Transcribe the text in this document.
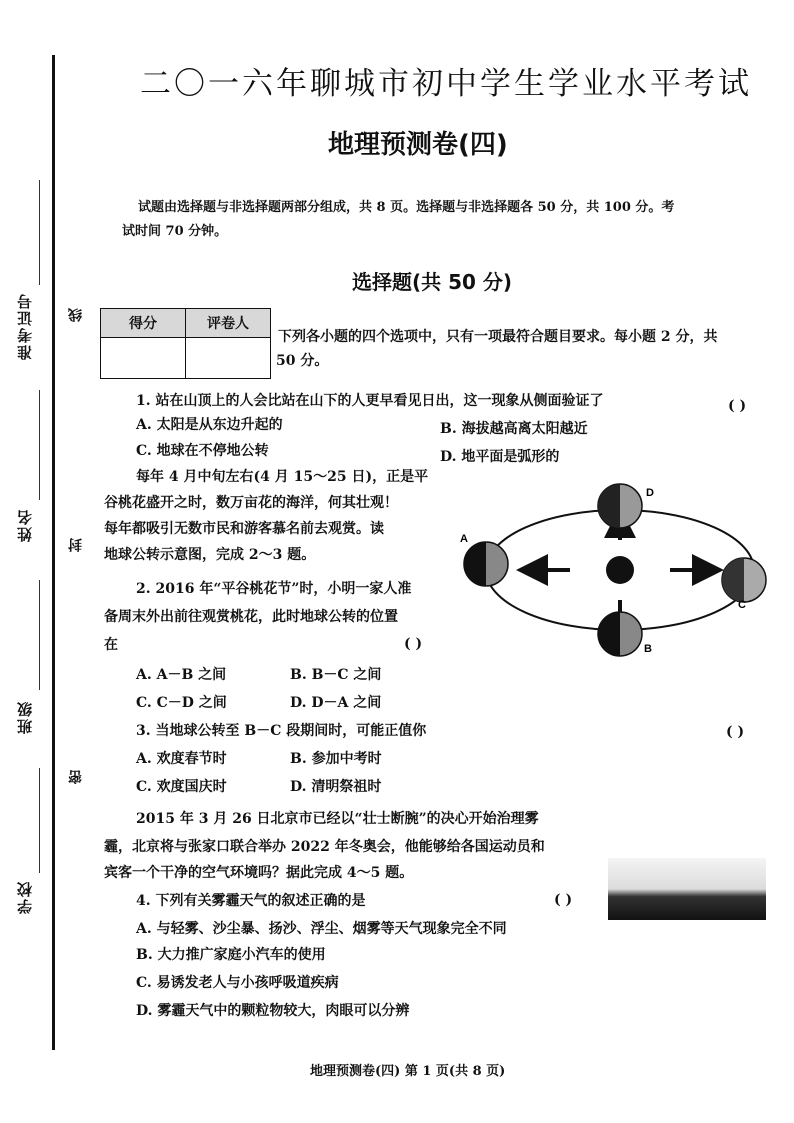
准考证号
姓名
班级
学校
线
封
密
二〇一六年聊城市初中学生学业水平考试
地理预测卷(四)
试题由选择题与非选择题两部分组成，共 8 页。选择题与非选择题各 50 分，共 100 分。考
试时间 70 分钟。
选择题(共 50 分)
得分	评卷人

下列各小题的四个选项中，只有一项最符合题目要求。每小题 2 分，共
50 分。
1. 站在山顶上的人会比站在山下的人更早看见日出，这一现象从侧面验证了	( )
A. 太阳是从东边升起的	B. 海拔越高离太阳越近
C. 地球在不停地公转	D. 地平面是弧形的
每年 4 月中旬左右(4 月 15～25 日)，正是平
谷桃花盛开之时，数万亩花的海洋，何其壮观！
每年都吸引无数市民和游客慕名前去观赏。读
地球公转示意图，完成 2～3 题。
2. 2016 年“平谷桃花节”时，小明一家人准
备周末外出前往观赏桃花，此时地球公转的位置
在	( )
A. A－B 之间	B. B－C 之间
C. C－D 之间	D. D－A 之间
3. 当地球公转至 B－C 段期间时，可能正值你	( )
A. 欢度春节时	B. 参加中考时
C. 欢度国庆时	D. 清明祭祖时
A
B
C
D
2015 年 3 月 26 日北京市已经以“壮士断腕”的决心开始治理雾
霾，北京将与张家口联合举办 2022 年冬奥会，他能够给各国运动员和
宾客一个干净的空气环境吗？据此完成 4～5 题。
4. 下列有关雾霾天气的叙述正确的是	( )
A. 与轻雾、沙尘暴、扬沙、浮尘、烟雾等天气现象完全不同
B. 大力推广家庭小汽车的使用
C. 易诱发老人与小孩呼吸道疾病
D. 雾霾天气中的颗粒物较大，肉眼可以分辨
地理预测卷(四) 第 1 页(共 8 页)
